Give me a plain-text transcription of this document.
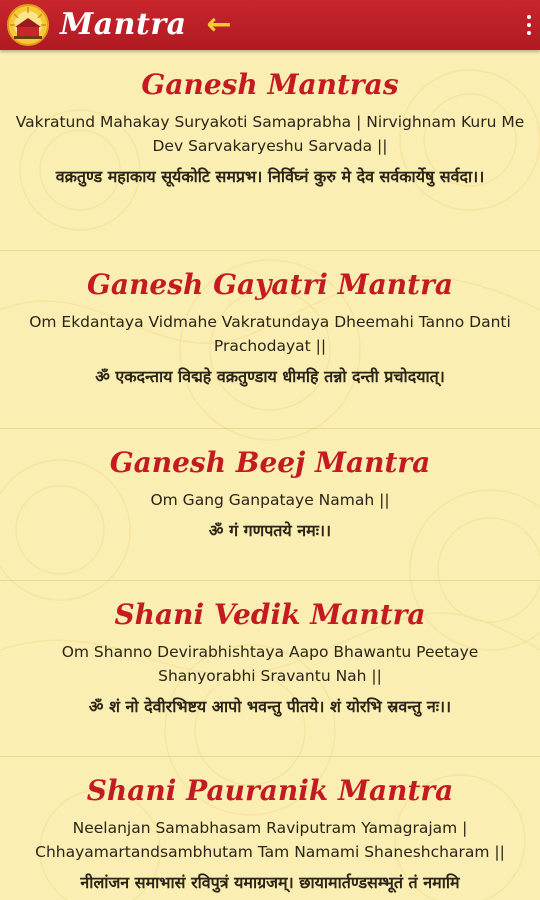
Mantra ←
Ganesh Mantras

Vakratund Mahakay Suryakoti Samaprabha | Nirvighnam Kuru Me Dev Sarvakaryeshu Sarvada ||

वक्रतुण्ड महाकाय सूर्यकोटि समप्रभ। निर्विघ्नं कुरु मे देव सर्वकार्येषु सर्वदा।।

Ganesh Gayatri Mantra

Om Ekdantaya Vidmahe Vakratundaya Dheemahi Tanno Danti Prachodayat ||

ॐ एकदन्ताय विद्महे वक्रतुण्डाय धीमहि तन्नो दन्ती प्रचोदयात्।

Ganesh Beej Mantra

Om Gang Ganpataye Namah ||

ॐ गं गणपतये नमः।।

Shani Vedik Mantra

Om Shanno Devirabhishtaya Aapo Bhawantu Peetaye Shanyorabhi Sravantu Nah ||

ॐ शं नो देवीरभिष्टय आपो भवन्तु पीतये। शं योरभि स्रवन्तु नः।।

Shani Pauranik Mantra

Neelanjan Samabhasam Raviputram Yamagrajam | Chhayamartandsambhutam Tam Namami Shaneshcharam ||

नीलांजन समाभासं रविपुत्रं यमाग्रजम्। छायामार्तण्डसम्भूतं तं नमामि
